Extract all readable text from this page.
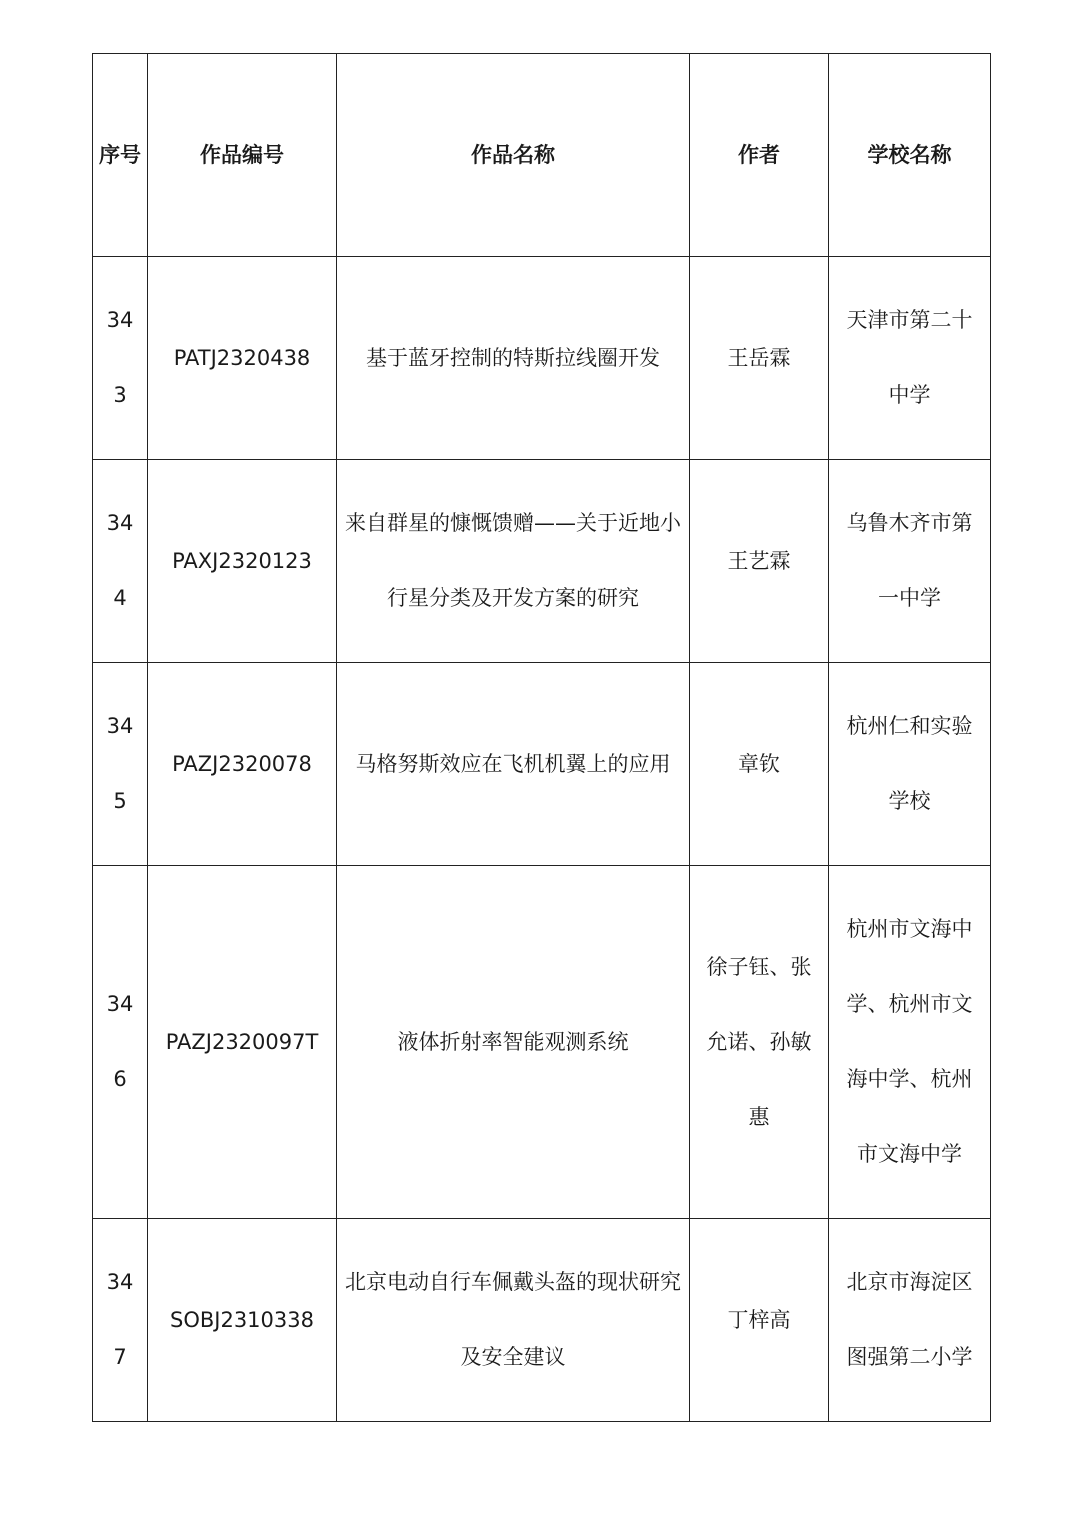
序号	作品编号	作品名称	作者	学校名称

343	PATJ2320438	基于蓝牙控制的特斯拉线圈开发	王岳霖	天津市第二十中学
344	PAXJ2320123	来自群星的慷慨馈赠——关于近地小行星分类及开发方案的研究	王艺霖	乌鲁木齐市第一中学
345	PAZJ2320078	马格努斯效应在飞机机翼上的应用	章钦	杭州仁和实验学校
346	PAZJ2320097T	液体折射率智能观测系统	徐子钰、张允诺、孙敏惠	杭州市文海中学、杭州市文海中学、杭州市文海中学
347	SOBJ2310338	北京电动自行车佩戴头盔的现状研究及安全建议	丁梓高	北京市海淀区图强第二小学
